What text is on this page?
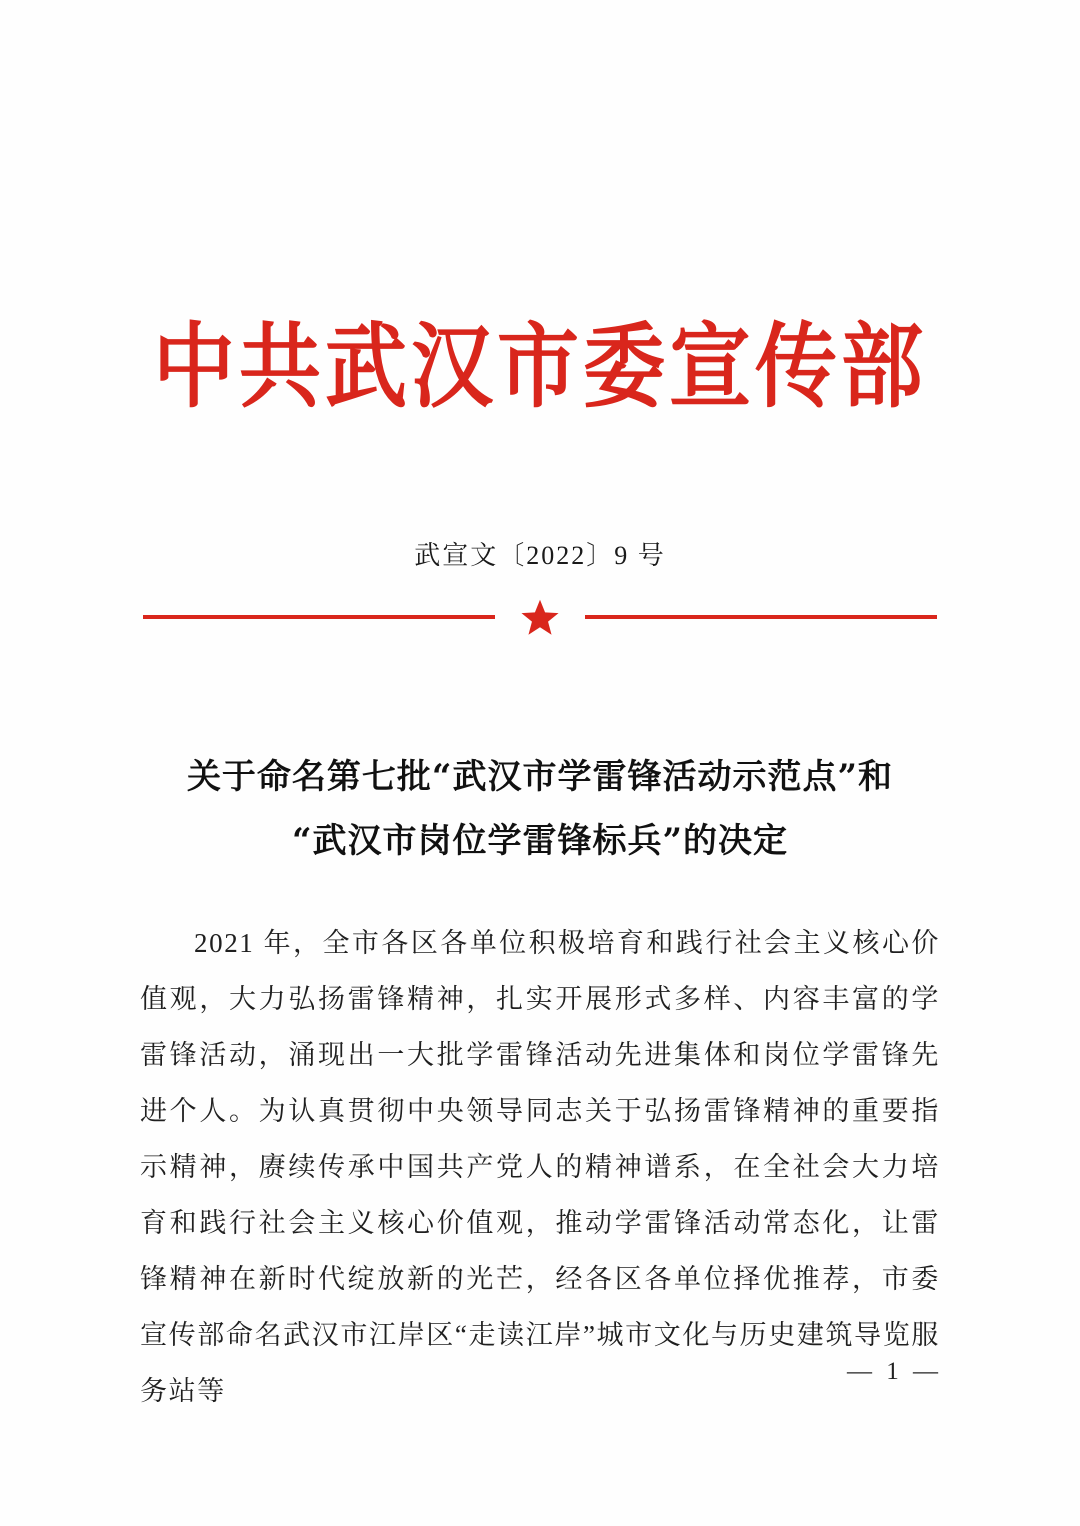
中共武汉市委宣传部
武宣文〔2022〕9 号
关于命名第七批“武汉市学雷锋活动示范点”和
“武汉市岗位学雷锋标兵”的决定

2021 年，全市各区各单位积极培育和践行社会主义核心价值观，大力弘扬雷锋精神，扎实开展形式多样、内容丰富的学雷锋活动，涌现出一大批学雷锋活动先进集体和岗位学雷锋先进个人。为认真贯彻中央领导同志关于弘扬雷锋精神的重要指示精神，赓续传承中国共产党人的精神谱系，在全社会大力培育和践行社会主义核心价值观，推动学雷锋活动常态化，让雷锋精神在新时代绽放新的光芒，经各区各单位择优推荐，市委宣传部命名武汉市江岸区“走读江岸”城市文化与历史建筑导览服务站等

— 1 —
